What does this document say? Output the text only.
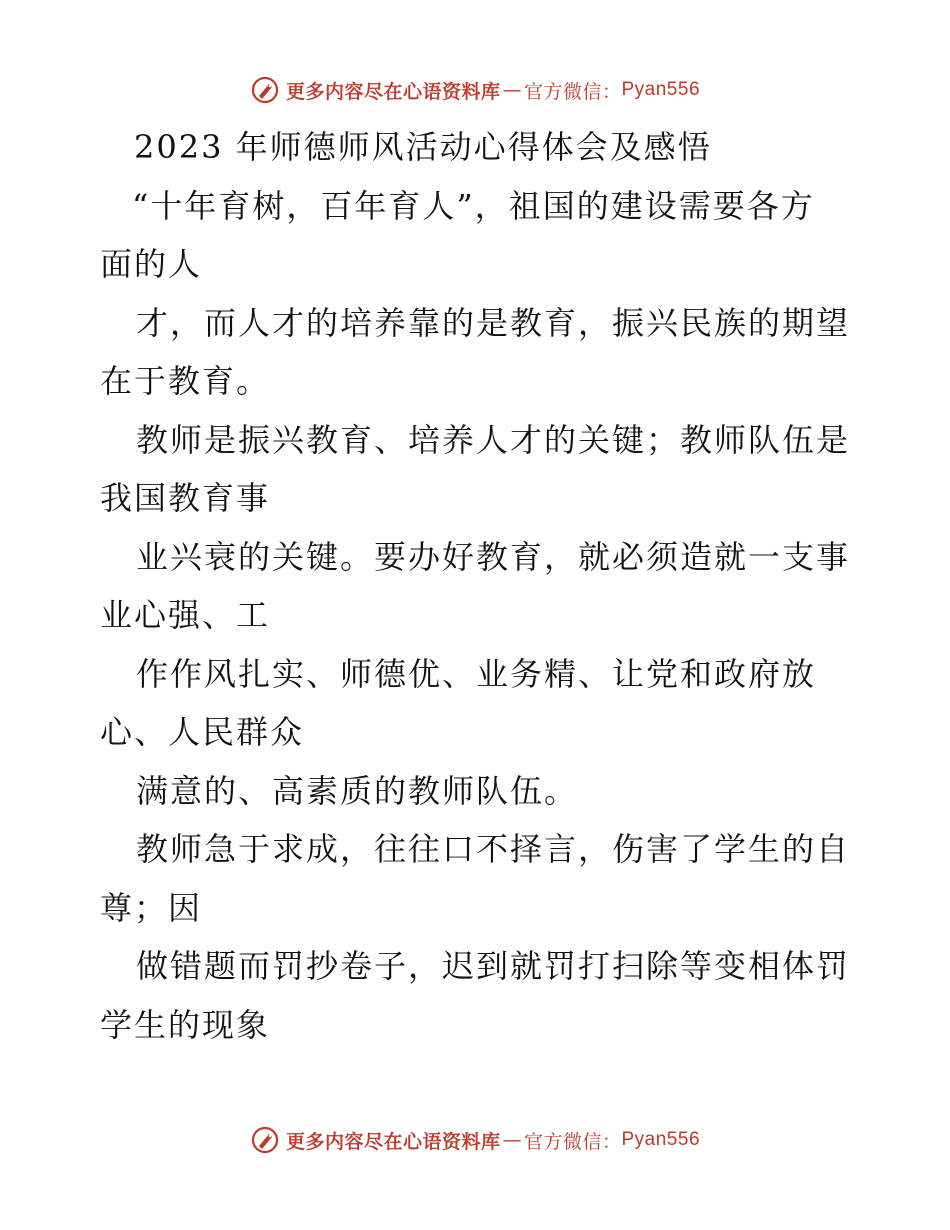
更多内容尽在心语资料库 — 官方微信： Pyan556
2023 年师德师风活动心得体会及感悟
“十年育树，百年育人”，祖国的建设需要各方
面的人
才，而人才的培养靠的是教育，振兴民族的期望
在于教育。
教师是振兴教育、培养人才的关键；教师队伍是
我国教育事
业兴衰的关键。要办好教育，就必须造就一支事
业心强、工
作作风扎实、师德优、业务精、让党和政府放
心、人民群众
满意的、高素质的教师队伍。
教师急于求成，往往口不择言，伤害了学生的自
尊；因
做错题而罚抄卷子，迟到就罚打扫除等变相体罚
学生的现象
更多内容尽在心语资料库 — 官方微信： Pyan556
